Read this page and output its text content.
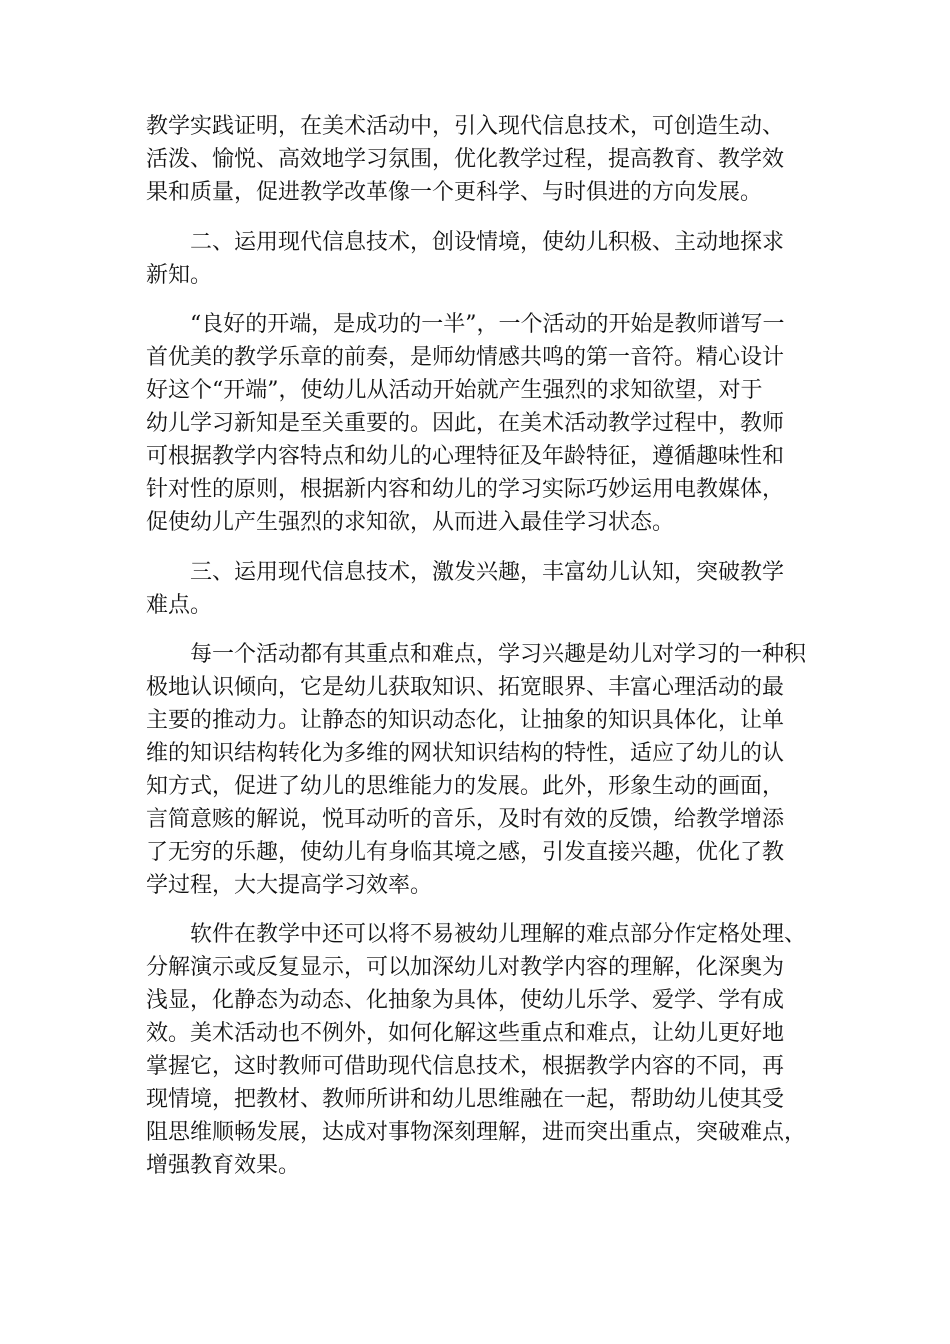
教学实践证明，在美术活动中，引入现代信息技术，可创造生动、
活泼、愉悦、高效地学习氛围，优化教学过程，提高教育、教学效
果和质量，促进教学改革像一个更科学、与时俱进的方向发展。
二、运用现代信息技术，创设情境，使幼儿积极、主动地探求
新知。
“良好的开端，是成功的一半”，一个活动的开始是教师谱写一
首优美的教学乐章的前奏，是师幼情感共鸣的第一音符。精心设计
好这个“开端”，使幼儿从活动开始就产生强烈的求知欲望，对于
幼儿学习新知是至关重要的。因此，在美术活动教学过程中，教师
可根据教学内容特点和幼儿的心理特征及年龄特征，遵循趣味性和
针对性的原则，根据新内容和幼儿的学习实际巧妙运用电教媒体，
促使幼儿产生强烈的求知欲，从而进入最佳学习状态。
三、运用现代信息技术，激发兴趣，丰富幼儿认知，突破教学
难点。
每一个活动都有其重点和难点，学习兴趣是幼儿对学习的一种积
极地认识倾向，它是幼儿获取知识、拓宽眼界、丰富心理活动的最
主要的推动力。让静态的知识动态化，让抽象的知识具体化，让单
维的知识结构转化为多维的网状知识结构的特性，适应了幼儿的认
知方式，促进了幼儿的思维能力的发展。此外，形象生动的画面，
言简意赅的解说，悦耳动听的音乐，及时有效的反馈，给教学增添
了无穷的乐趣，使幼儿有身临其境之感，引发直接兴趣，优化了教
学过程，大大提高学习效率。
软件在教学中还可以将不易被幼儿理解的难点部分作定格处理、
分解演示或反复显示，可以加深幼儿对教学内容的理解，化深奥为
浅显，化静态为动态、化抽象为具体，使幼儿乐学、爱学、学有成
效。美术活动也不例外，如何化解这些重点和难点，让幼儿更好地
掌握它，这时教师可借助现代信息技术，根据教学内容的不同，再
现情境，把教材、教师所讲和幼儿思维融在一起，帮助幼儿使其受
阻思维顺畅发展，达成对事物深刻理解，进而突出重点，突破难点，
增强教育效果。
